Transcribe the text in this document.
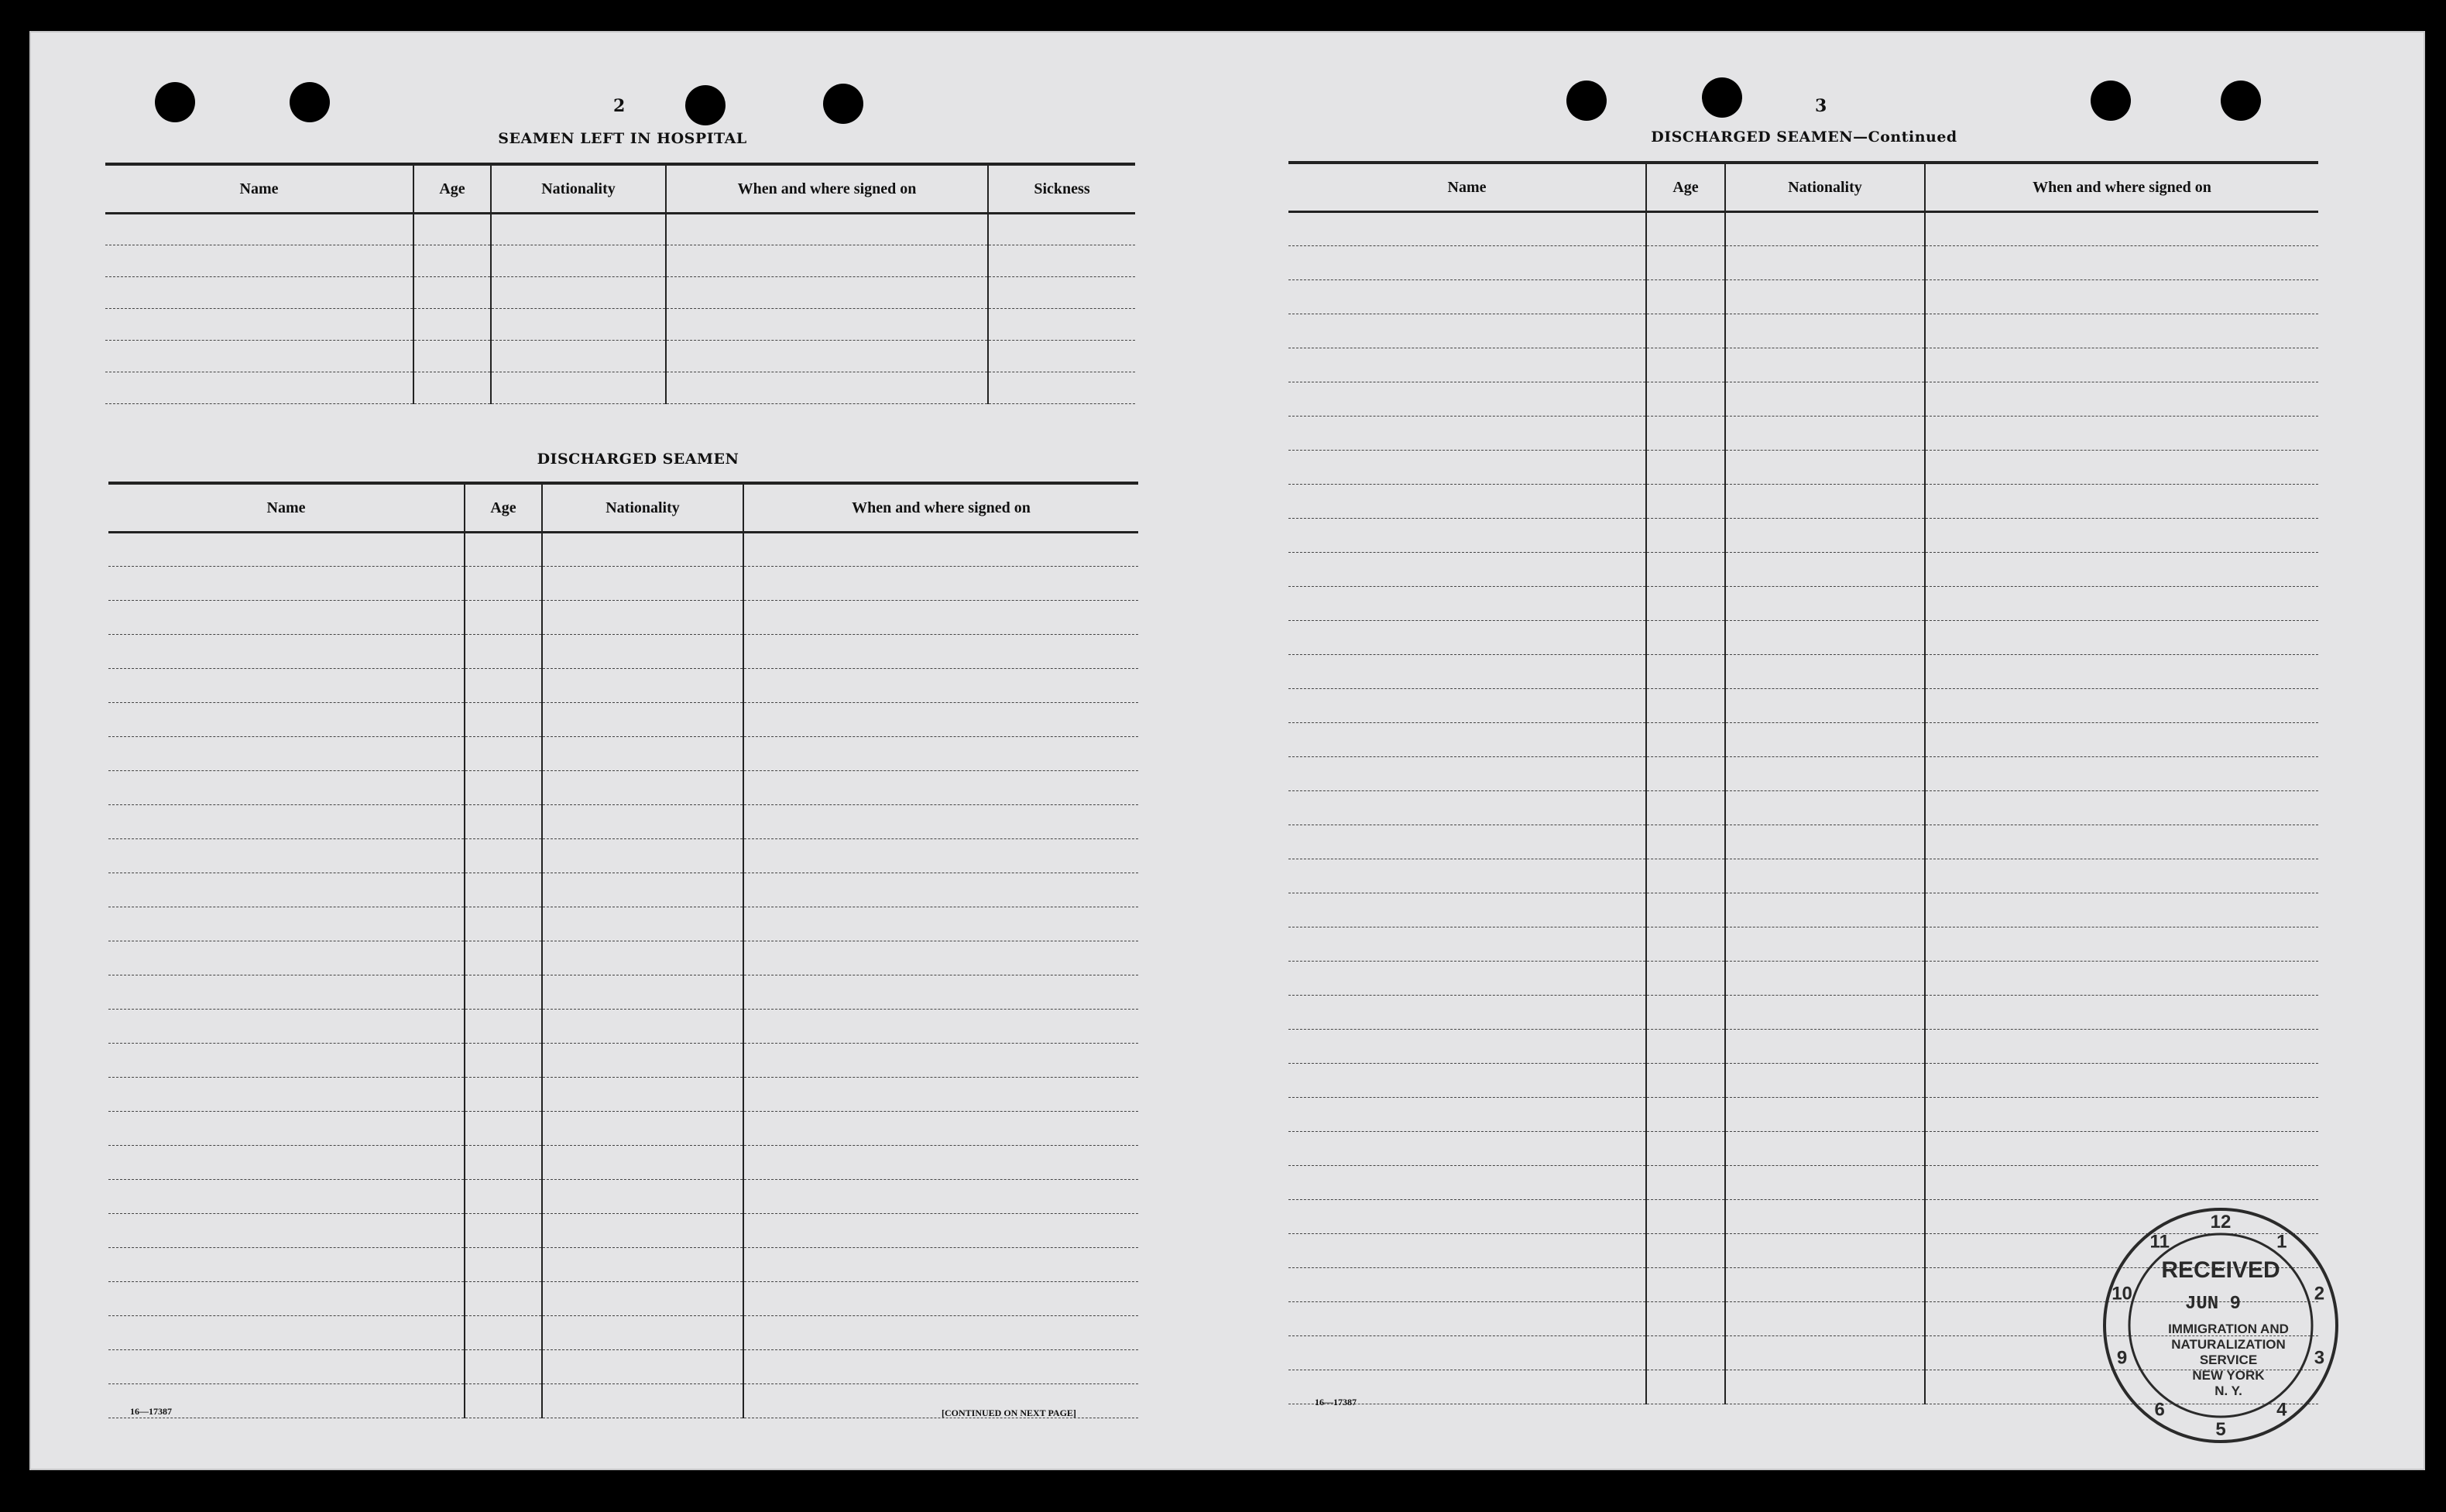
2
SEAMEN LEFT IN HOSPITAL
Name	Age	Nationality	When and where signed on	Sickness

DISCHARGED SEAMEN
Name	Age	Nationality	When and where signed on

16—17387	[CONTINUED ON NEXT PAGE]
3
DISCHARGED SEAMEN—Continued
Name	Age	Nationality	When and where signed on

16—17387
12
1
2
3
4
5
6
9
10
11
RECEIVED
JUN 9
IMMIGRATION AND
NATURALIZATION
SERVICE
NEW YORK
N. Y.
